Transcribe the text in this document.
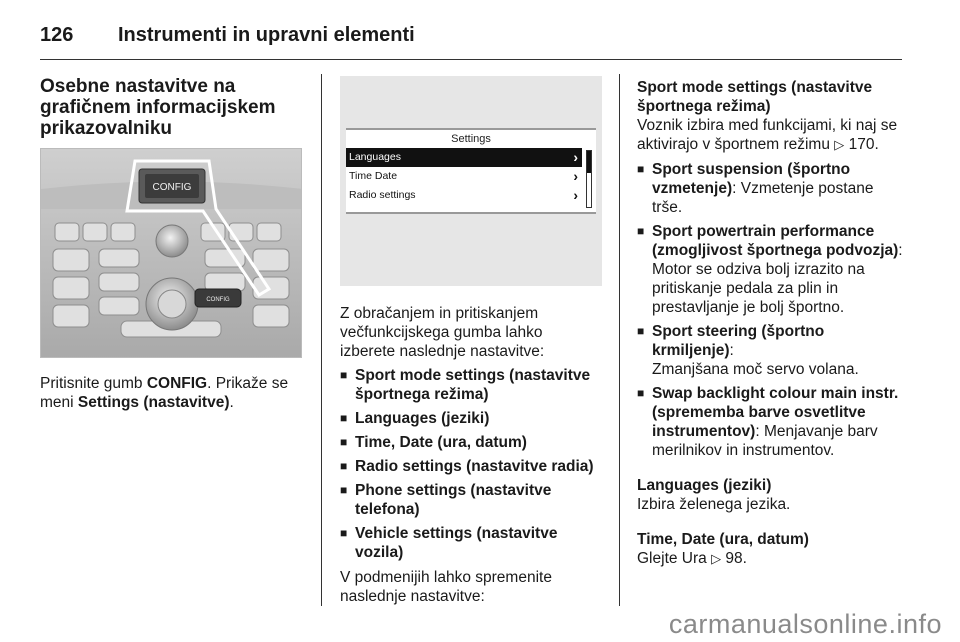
126 Instrumenti in upravni elementi
Osebne nastavitve na
grafičnem informacijskem
prikazovalniku
CONFIG
CONFIG
Pritisnite gumb CONFIG. Prikaže se
meni Settings (nastavitve).
Settings
Languages	›
Time Date	›
Radio settings	›
Z obračanjem in pritiskanjem
večfunkcijskega gumba lahko
izberete naslednje nastavitve:
■ Sport mode settings (nastavitve
športnega režima)
■ Languages (jeziki)
■ Time, Date (ura, datum)
■ Radio settings (nastavitve radia)
■ Phone settings (nastavitve
telefona)
■ Vehicle settings (nastavitve vozila)
V podmenijih lahko spremenite
naslednje nastavitve:
Sport mode settings (nastavitve
športnega režima)
Voznik izbira med funkcijami, ki naj se
aktivirajo v športnem režimu ▷ 170.
■ Sport suspension (športno
vzmetenje): Vzmetenje postane
trše.
■ Sport powertrain performance
(zmogljivost športnega podvozja):
Motor se odziva bolj izrazito na
pritiskanje pedala za plin in
prestavljanje je bolj športno.
■ Sport steering (športno krmiljenje):
Zmanjšana moč servo volana.
■ Swap backlight colour main instr.
(sprememba barve osvetlitve
instrumentov): Menjavanje barv
merilnikov in instrumentov.
Languages (jeziki)
Izbira želenega jezika.
Time, Date (ura, datum)
Glejte Ura ▷ 98.
carmanualsonline.info
